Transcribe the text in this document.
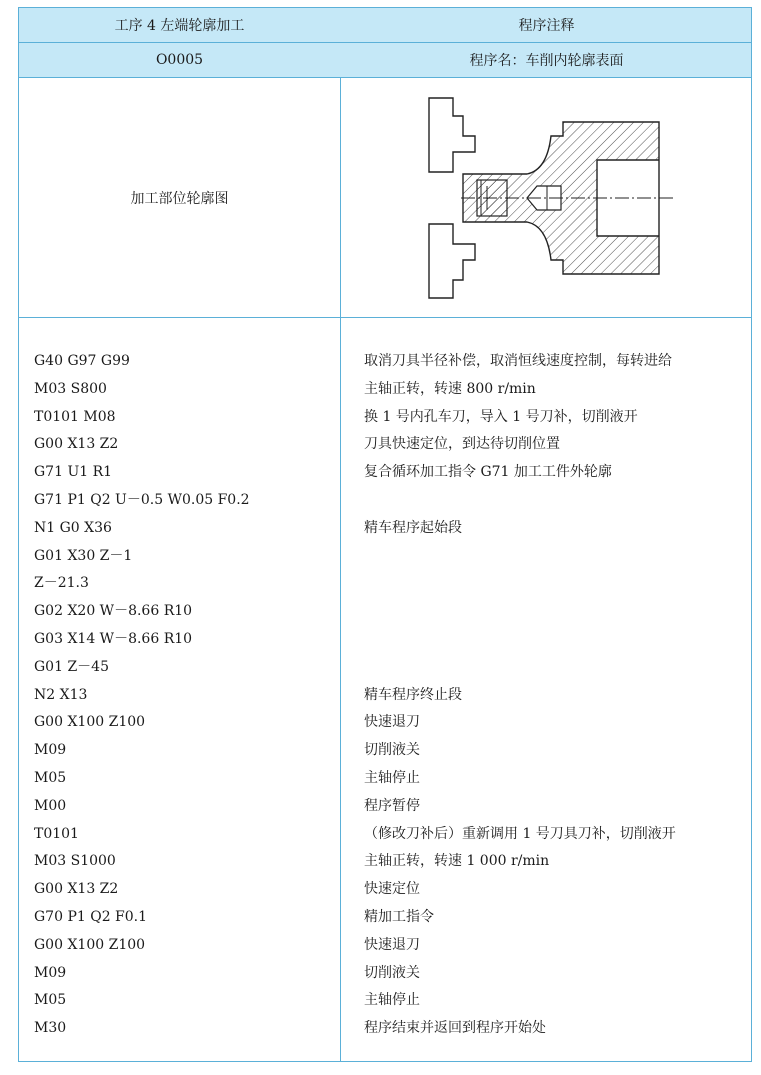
工序 4 左端轮廓加工	程序注释
O0005	程序名：车削内轮廓表面
加工部位轮廓图
G40 G97 G99
M03 S800
T0101 M08
G00 X13 Z2
G71 U1 R1
G71 P1 Q2 U－0.5 W0.05 F0.2
N1 G0 X36
G01 X30 Z－1
Z－21.3
G02 X20 W－8.66 R10
G03 X14 W－8.66 R10
G01 Z－45
N2 X13
G00 X100 Z100
M09
M05
M00
T0101
M03 S1000
G00 X13 Z2
G70 P1 Q2 F0.1
G00 X100 Z100
M09
M05
M30
取消刀具半径补偿，取消恒线速度控制，每转进给
主轴正转，转速 800 r/min
换 1 号内孔车刀，导入 1 号刀补，切削液开
刀具快速定位，到达待切削位置
复合循环加工指令 G71 加工工件外轮廓
精车程序起始段
精车程序终止段
快速退刀
切削液关
主轴停止
程序暂停
（修改刀补后）重新调用 1 号刀具刀补，切削液开
主轴正转，转速 1 000 r/min
快速定位
精加工指令
快速退刀
切削液关
主轴停止
程序结束并返回到程序开始处
